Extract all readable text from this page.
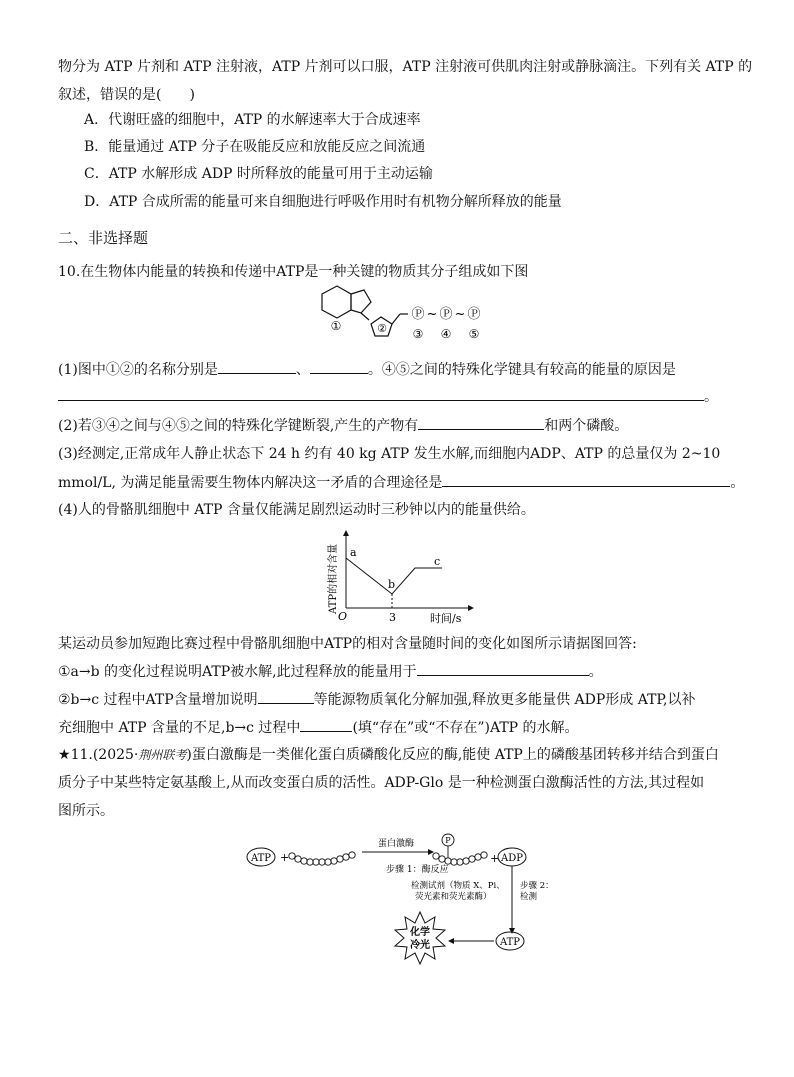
物分为 ATP 片剂和 ATP 注射液，ATP 片剂可以口服，ATP 注射液可供肌肉注射或静脉滴注。下列有关 ATP 的
叙述，错误的是(　　)
A．代谢旺盛的细胞中，ATP 的水解速率大于合成速率
B．能量通过 ATP 分子在吸能反应和放能反应之间流通
C．ATP 水解形成 ADP 时所释放的能量可用于主动运输
D．ATP 合成所需的能量可来自细胞进行呼吸作用时有机物分解所释放的能量
二、非选择题
10.在生物体内能量的转换和传递中ATP是一种关键的物质其分子组成如下图
①	②
Ⓟ ~ Ⓟ ~ Ⓟ
③ ④ ⑤
(1)图中①②的名称分别是	、	。④⑤之间的特殊化学键具有较高的能量的原因是
。
(2)若③④之间与④⑤之间的特殊化学键断裂,产生的产物有	和两个磷酸。
(3)经测定,正常成年人静止状态下 24 h 约有 40 kg ATP 发生水解,而细胞内ADP、ATP 的总量仅为 2~10
mmol/L, 为满足能量需要生物体内解决这一矛盾的合理途径是	。
(4)人的骨骼肌细胞中 ATP 含量仅能满足剧烈运动时三秒钟以内的能量供给。
a
b
c
O	3	时间/s
ATP的相对含量
某运动员参加短跑比赛过程中骨骼肌细胞中ATP的相对含量随时间的变化如图所示请据图回答:
①a→b 的变化过程说明ATP被水解,此过程释放的能量用于	。
②b→c 过程中ATP含量增加说明	等能源物质氧化分解加强,释放更多能量供 ADP形成 ATP,以补
充细胞中 ATP 含量的不足,b→c 过程中	(填“存在”或“不存在”)ATP 的水解。
★11.(2025·荆州联考)蛋白激酶是一类催化蛋白质磷酸化反应的酶,能使 ATP上的磷酸基团转移并结合到蛋白
质分子中某些特定氨基酸上,从而改变蛋白质的活性。ADP-Glo 是一种检测蛋白激酶活性的方法,其过程如
图所示。
ATP +
蛋白激酶
步骤 1：酶反应
P
+ ADP
检测试剂（物质 X、Pi、
荧光素和荧光素酶）
步骤 2：
检测
ATP
化学
冷光
